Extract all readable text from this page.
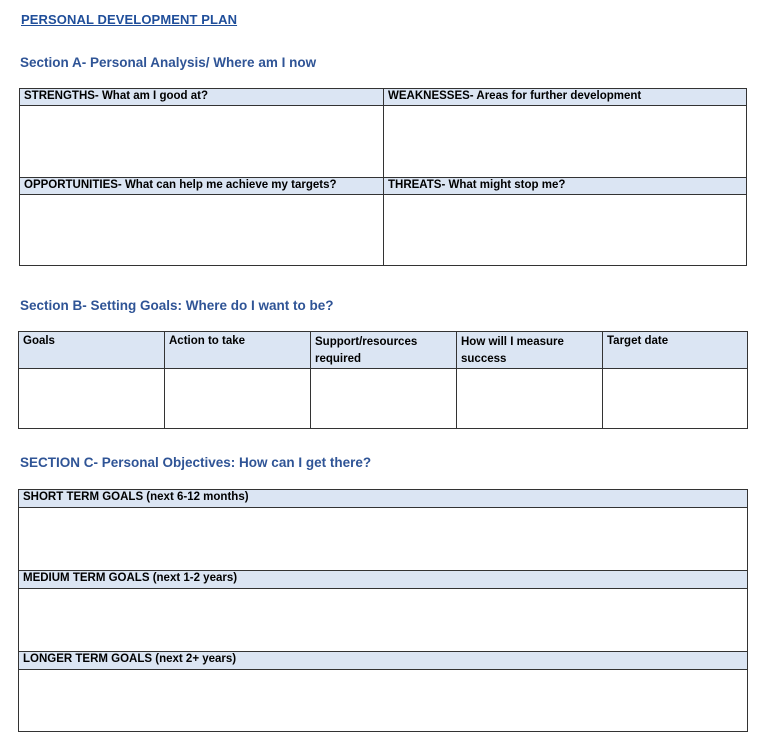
PERSONAL DEVELOPMENT PLAN
Section A- Personal Analysis/ Where am I now
STRENGTHS- What am I good at?	WEAKNESSES- Areas for further development

OPPORTUNITIES- What can help me achieve my targets?	THREATS- What might stop me?

Section B- Setting Goals: Where do I want to be?
Goals	Action to take	Support/resources required	How will I measure success	Target date

SECTION C- Personal Objectives: How can I get there?
SHORT TERM GOALS (next 6-12 months)

MEDIUM TERM GOALS (next 1-2 years)

LONGER TERM GOALS (next 2+ years)
